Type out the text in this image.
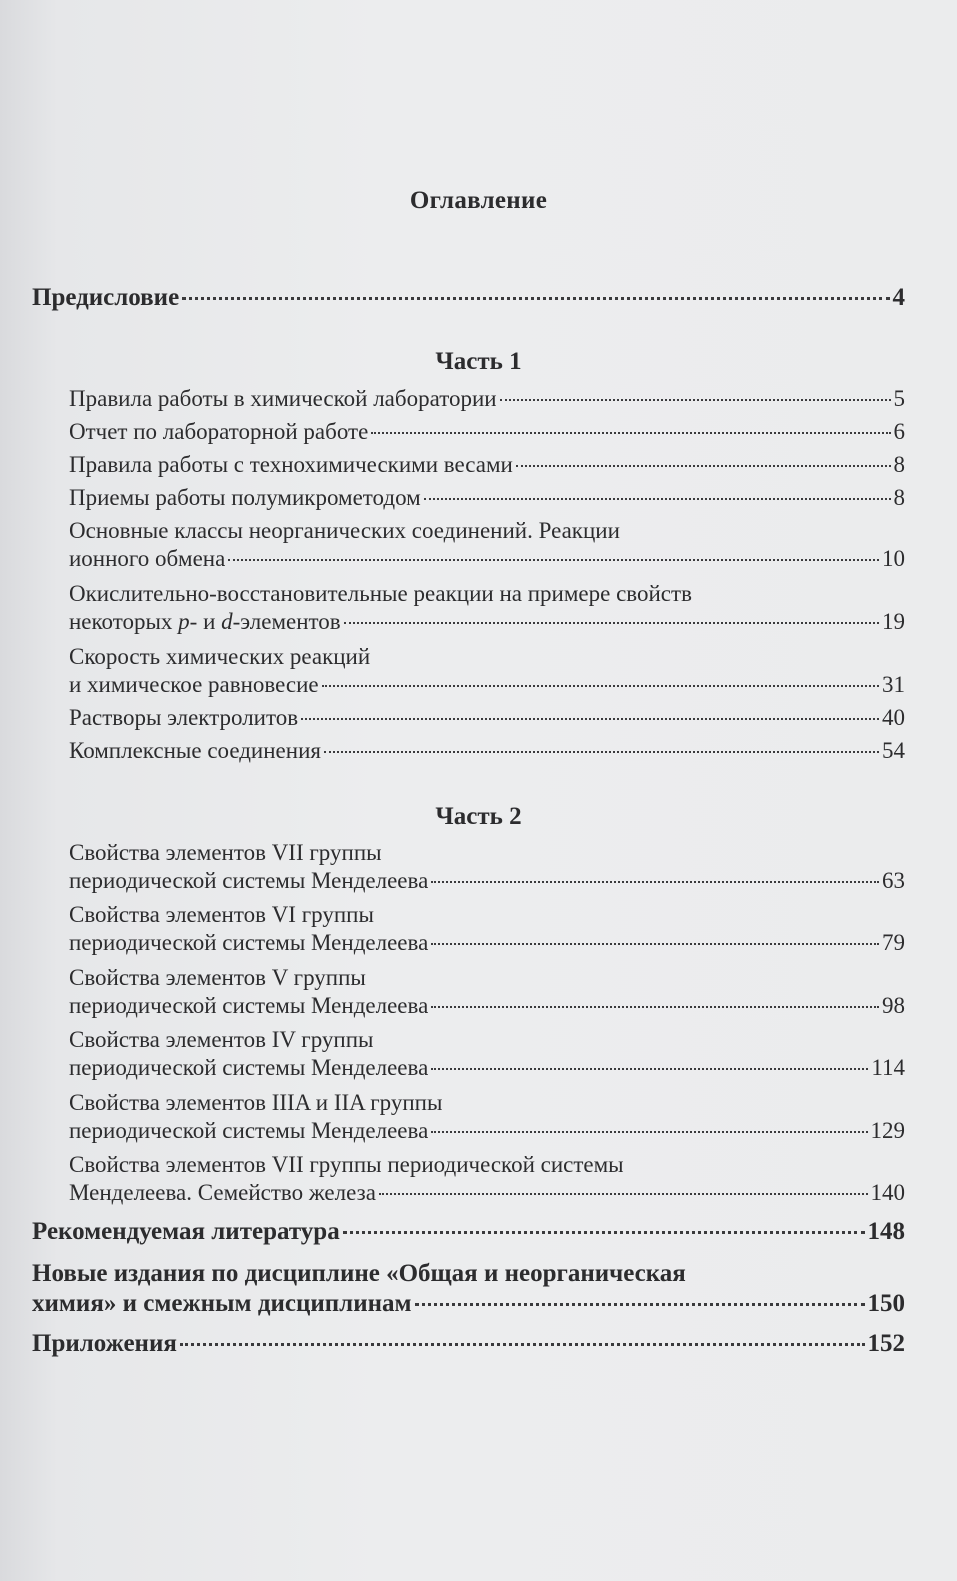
Оглавление
Предисловие	4
Часть 1
Правила работы в химической лаборатории	5
Отчет по лабораторной работе	6
Правила работы с технохимическими весами	8
Приемы работы полумикрометодом	8
Основные классы неорганических соединений. Реакции
ионного обмена	10
Окислительно-восстановительные реакции на примере свойств
некоторых p- и d-элементов	19
Скорость химических реакций
и химическое равновесие	31
Растворы электролитов	40
Комплексные соединения	54
Часть 2
Свойства элементов VII группы
периодической системы Менделеева	63
Свойства элементов VI группы
периодической системы Менделеева	79
Свойства элементов V группы
периодической системы Менделеева	98
Свойства элементов IV группы
периодической системы Менделеева	114
Свойства элементов IIIA и IIA группы
периодической системы Менделеева	129
Свойства элементов VII группы периодической системы
Менделеева. Семейство железа	140
Рекомендуемая литература	148
Новые издания по дисциплине «Общая и неорганическая
химия» и смежным дисциплинам	150
Приложения	152
